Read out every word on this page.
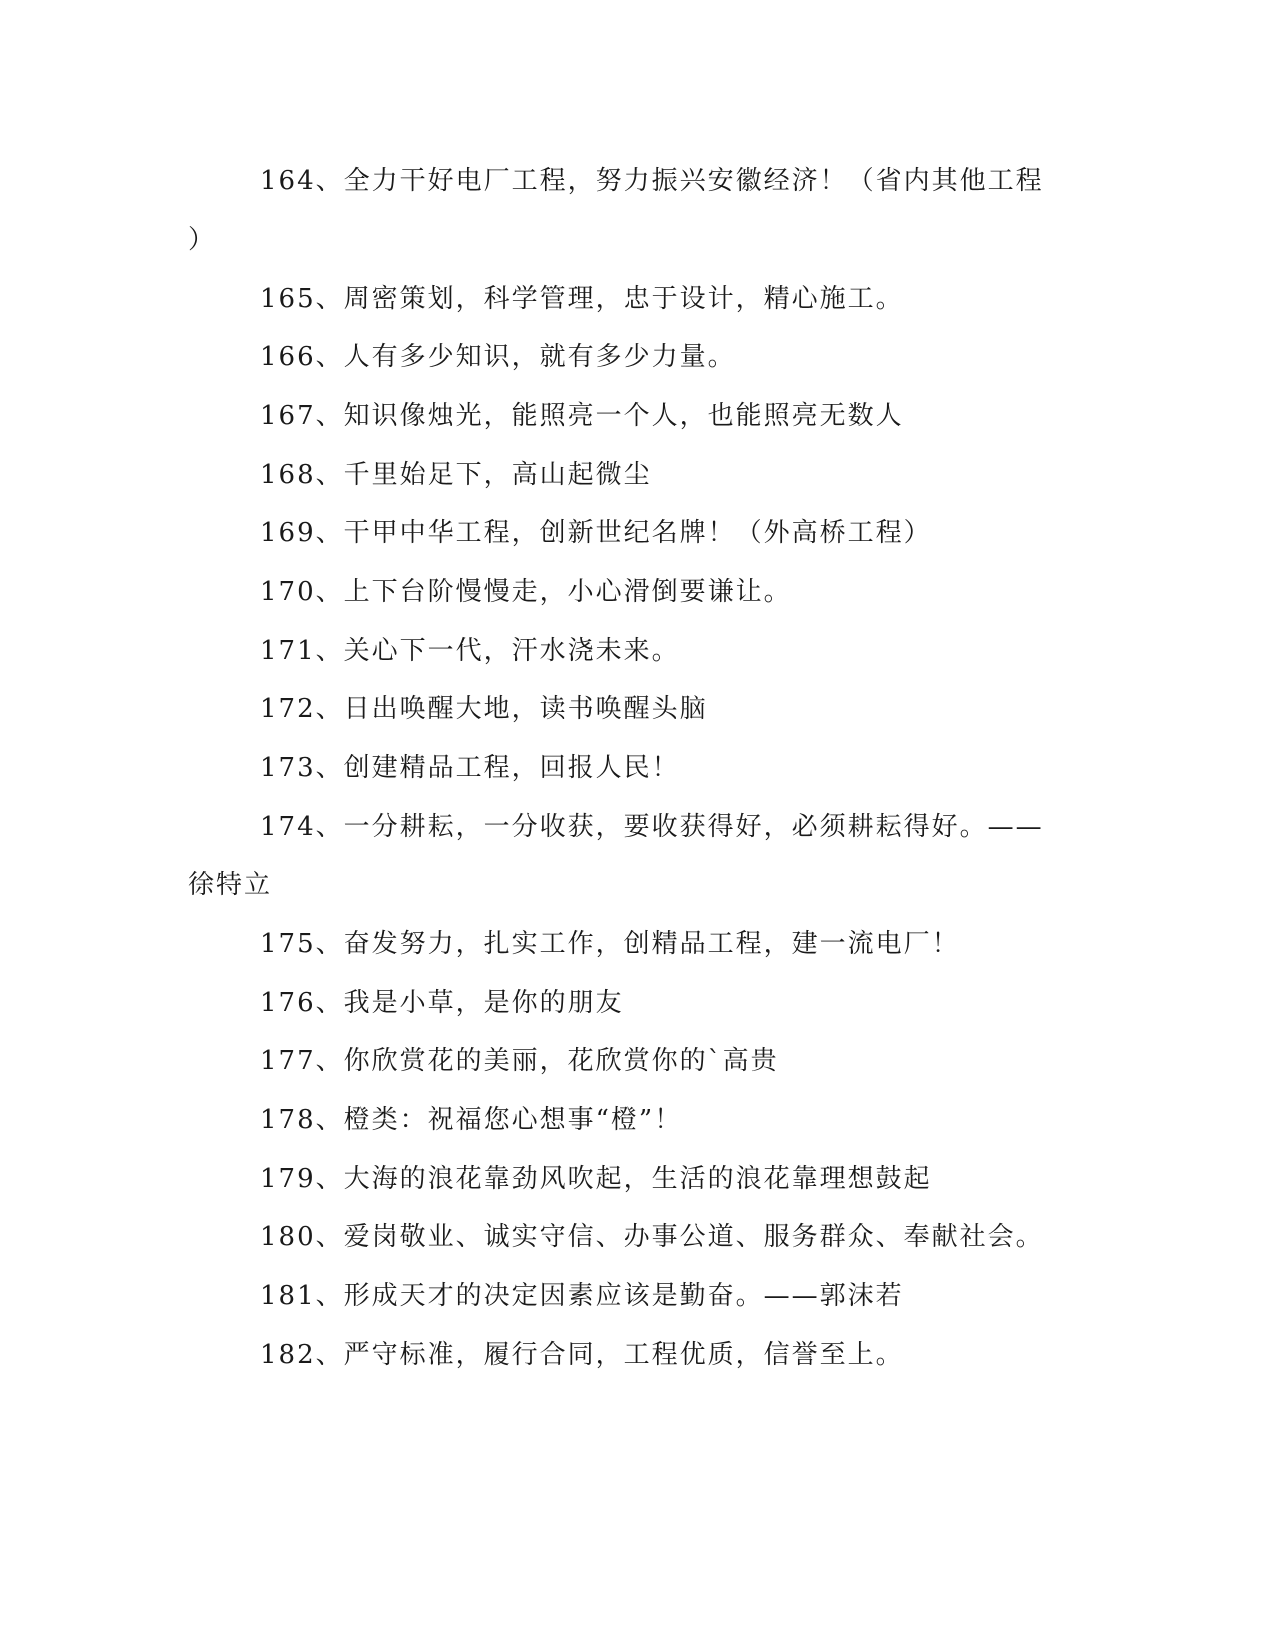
164、全力干好电厂工程，努力振兴安徽经济！（省内其他工程
）
165、周密策划，科学管理，忠于设计，精心施工。
166、人有多少知识，就有多少力量。
167、知识像烛光，能照亮一个人，也能照亮无数人
168、千里始足下，高山起微尘
169、干甲中华工程，创新世纪名牌！（外高桥工程）
170、上下台阶慢慢走，小心滑倒要谦让。
171、关心下一代，汗水浇未来。
172、日出唤醒大地，读书唤醒头脑
173、创建精品工程，回报人民！
174、一分耕耘，一分收获，要收获得好，必须耕耘得好。——
徐特立
175、奋发努力，扎实工作，创精品工程，建一流电厂！
176、我是小草，是你的朋友
177、你欣赏花的美丽，花欣赏你的`高贵
178、橙类：祝福您心想事“橙”！
179、大海的浪花靠劲风吹起，生活的浪花靠理想鼓起
180、爱岗敬业、诚实守信、办事公道、服务群众、奉献社会。
181、形成天才的决定因素应该是勤奋。——郭沫若
182、严守标准，履行合同，工程优质，信誉至上。
